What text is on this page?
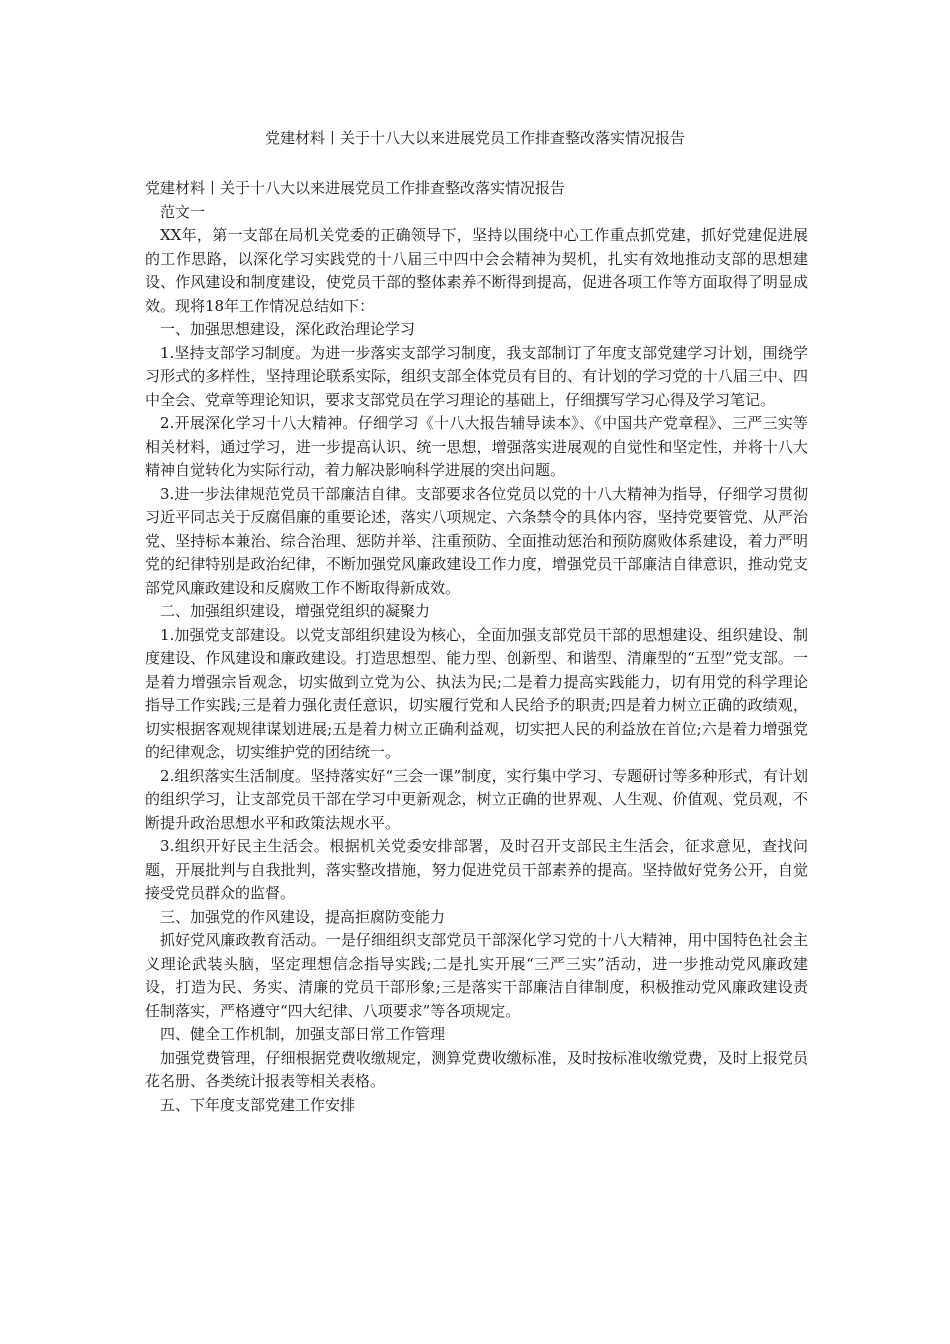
党建材料丨关于十八大以来进展党员工作排查整改落实情况报告

党建材料丨关于十八大以来进展党员工作排查整改落实情况报告

范文一

XX年，第一支部在局机关党委的正确领导下，坚持以围绕中心工作重点抓党建，抓好党建促进展的工作思路，以深化学习实践党的十八届三中四中会会精神为契机，扎实有效地推动支部的思想建设、作风建设和制度建设，使党员干部的整体素养不断得到提高，促进各项工作等方面取得了明显成效。现将18年工作情况总结如下：

一、加强思想建设，深化政治理论学习

1.坚持支部学习制度。为进一步落实支部学习制度，我支部制订了年度支部党建学习计划，围绕学习形式的多样性，坚持理论联系实际，组织支部全体党员有目的、有计划的学习党的十八届三中、四中全会、党章等理论知识，要求支部党员在学习理论的基础上，仔细撰写学习心得及学习笔记。

2.开展深化学习十八大精神。仔细学习《十八大报告辅导读本》、《中国共产党章程》、三严三实等相关材料，通过学习，进一步提高认识、统一思想，增强落实进展观的自觉性和坚定性，并将十八大精神自觉转化为实际行动，着力解决影响科学进展的突出问题。

3.进一步法律规范党员干部廉洁自律。支部要求各位党员以党的十八大精神为指导，仔细学习贯彻习近平同志关于反腐倡廉的重要论述，落实八项规定、六条禁令的具体内容，坚持党要管党、从严治党、坚持标本兼治、综合治理、惩防并举、注重预防、全面推动惩治和预防腐败体系建设，着力严明党的纪律特别是政治纪律，不断加强党风廉政建设工作力度，增强党员干部廉洁自律意识，推动党支部党风廉政建设和反腐败工作不断取得新成效。

二、加强组织建设，增强党组织的凝聚力

1.加强党支部建设。以党支部组织建设为核心，全面加强支部党员干部的思想建设、组织建设、制度建设、作风建设和廉政建设。打造思想型、能力型、创新型、和谐型、清廉型的“五型”党支部。一是着力增强宗旨观念，切实做到立党为公、执法为民;二是着力提高实践能力，切有用党的科学理论指导工作实践;三是着力强化责任意识，切实履行党和人民给予的职责;四是着力树立正确的政绩观，切实根据客观规律谋划进展;五是着力树立正确利益观，切实把人民的利益放在首位;六是着力增强党的纪律观念，切实维护党的团结统一。

2.组织落实生活制度。坚持落实好“三会一课”制度，实行集中学习、专题研讨等多种形式，有计划的组织学习，让支部党员干部在学习中更新观念，树立正确的世界观、人生观、价值观、党员观，不断提升政治思想水平和政策法规水平。

3.组织开好民主生活会。根据机关党委安排部署，及时召开支部民主生活会，征求意见，查找问题，开展批判与自我批判，落实整改措施，努力促进党员干部素养的提高。坚持做好党务公开，自觉接受党员群众的监督。

三、加强党的作风建设，提高拒腐防变能力

抓好党风廉政教育活动。一是仔细组织支部党员干部深化学习党的十八大精神，用中国特色社会主义理论武装头脑，坚定理想信念指导实践;二是扎实开展“三严三实”活动，进一步推动党风廉政建设，打造为民、务实、清廉的党员干部形象;三是落实干部廉洁自律制度，积极推动党风廉政建设责任制落实，严格遵守“四大纪律、八项要求”等各项规定。

四、健全工作机制，加强支部日常工作管理

加强党费管理，仔细根据党费收缴规定，测算党费收缴标准，及时按标准收缴党费，及时上报党员花名册、各类统计报表等相关表格。

五、下年度支部党建工作安排
